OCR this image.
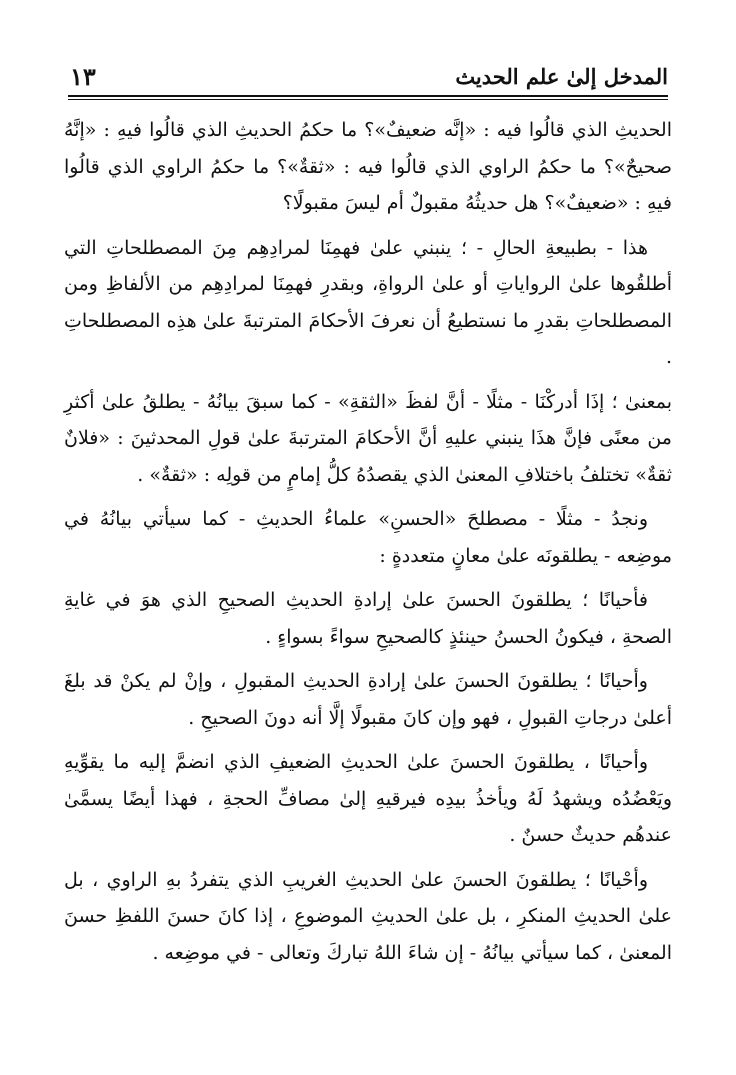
المدخل إلىٰ علم الحديث
١٣

الحديثِ الذي قالُوا فيه : «إنَّه ضعيفٌ»؟ ما حكمُ الحديثِ الذي قالُوا فيهِ : «إنَّهُ صحيحٌ»؟ ما حكمُ الراوي الذي قالُوا فيه : «ثقةٌ»؟ ما حكمُ الراوي الذي قالُوا فيهِ : «ضعيفٌ»؟ هل حديثُهُ مقبولٌ أم ليسَ مقبولًا؟

هذا - بطبيعةِ الحالِ - ؛ ينبني علىٰ فهمِنَا لمرادِهِم مِنَ المصطلحاتِ التي أطلقُوها علىٰ الرواياتِ أو علىٰ الرواةِ، وبقدرِ فهمِنَا لمرادِهِم من الألفاظِ ومن المصطلحاتِ بقدرِ ما نستطيعُ أن نعرفَ الأحكامَ المترتبةَ علىٰ هذِه المصطلحاتِ .

بمعنىٰ ؛ إذَا أدركْنَا - مثلًا - أنَّ لفظَ «الثقةِ» - كما سبقَ بيانُهُ - يطلقُ علىٰ أكثرِ من معنًى فإنَّ هذَا ينبني عليهِ أنَّ الأحكامَ المترتبةَ علىٰ قولِ المحدثينَ : «فلانٌ ثقةٌ» تختلفُ باختلافِ المعنىٰ الذي يقصدُهُ كلُّ إمامٍ من قولِه : «ثقةٌ» .

ونجدُ - مثلًا - مصطلحَ «الحسنِ» علماءُ الحديثِ - كما سيأتي بيانُهُ في موضِعه - يطلقونَه علىٰ معانٍ متعددةٍ :

فأحيانًا ؛ يطلقونَ الحسنَ علىٰ إرادةِ الحديثِ الصحيحِ الذي هوَ في غايةِ الصحةِ ، فيكونُ الحسنُ حينئذٍ كالصحيحِ سواءً بسواءٍ .

وأحيانًا ؛ يطلقونَ الحسنَ علىٰ إرادةِ الحديثِ المقبولِ ، وإنْ لم يكنْ قد بلغَ أعلىٰ درجاتِ القبولِ ، فهو وإن كانَ مقبولًا إلَّا أنه دونَ الصحيحِ .

وأحيانًا ، يطلقونَ الحسنَ علىٰ الحديثِ الضعيفِ الذي انضمَّ إليه ما يقوِّيهِ ويَعْضُدُه ويشهدُ لَهُ ويأخذُ بيدِه فيرقيهِ إلىٰ مصافِّ الحجةِ ، فهذا أيضًا يسمَّىٰ عندهُم حديثٌ حسنٌ .

وأحْيانًا ؛ يطلقونَ الحسنَ علىٰ الحديثِ الغريبِ الذي يتفردُ بهِ الراوي ، بل علىٰ الحديثِ المنكرِ ، بل علىٰ الحديثِ الموضوعِ ، إذا كانَ حسنَ اللفظِ حسنَ المعنىٰ ، كما سيأتي بيانُهُ - إن شاءَ اللهُ تباركَ وتعالى - في موضِعه .
